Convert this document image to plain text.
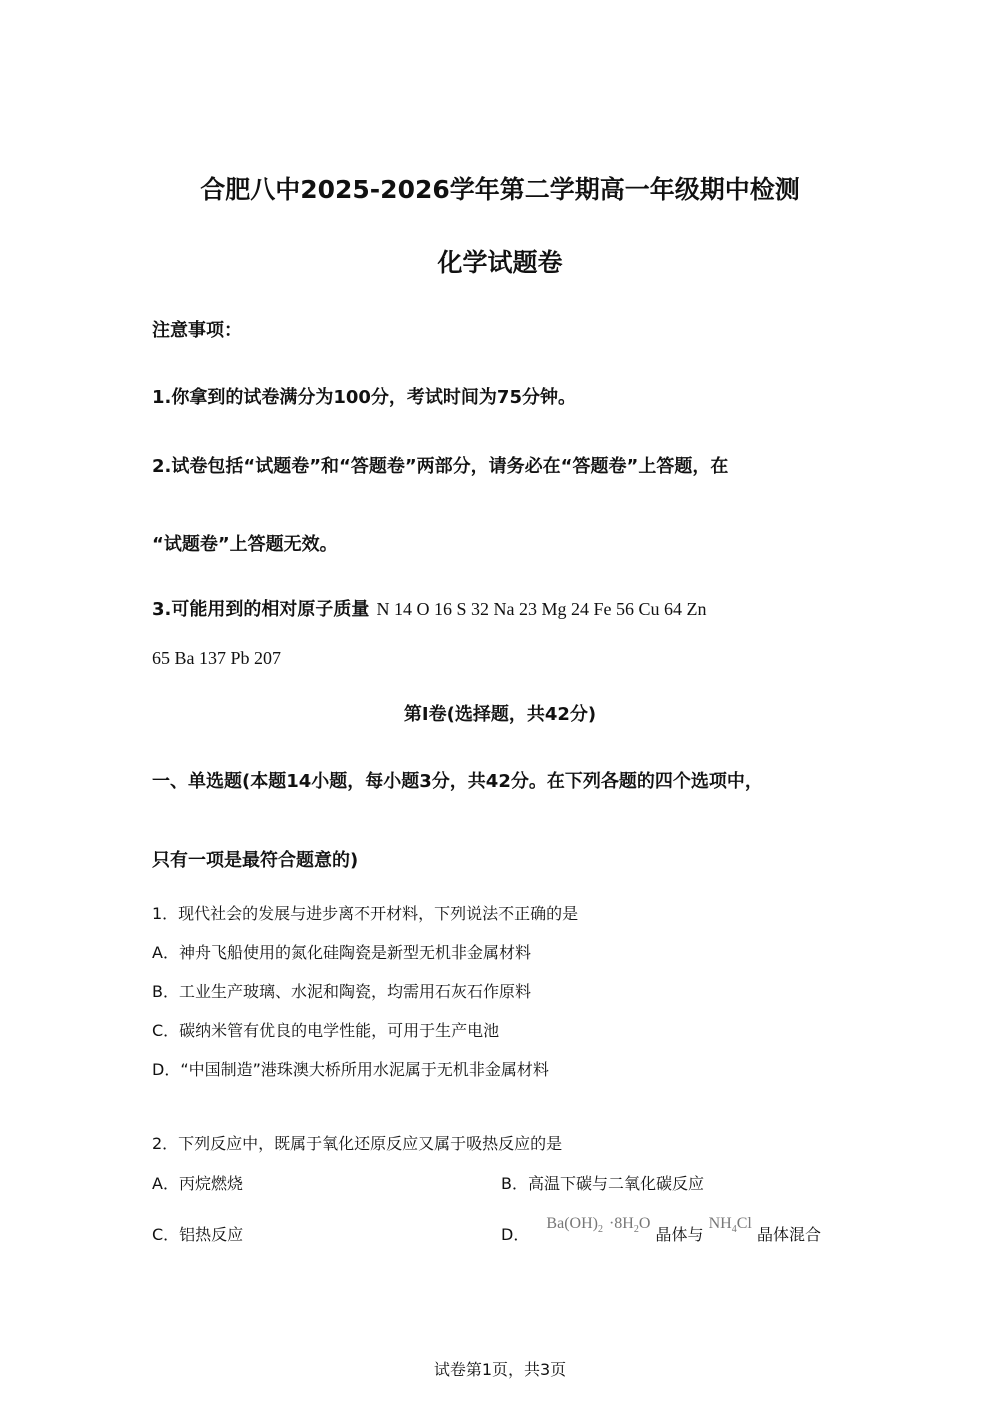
合肥八中2025-2026学年第二学期高一年级期中检测
化学试题卷
注意事项：
1.你拿到的试卷满分为100分，考试时间为75分钟。
2.试卷包括“试题卷”和“答题卷”两部分，请务必在“答题卷”上答题，在
“试题卷”上答题无效。
3.可能用到的相对原子质量 N 14 O 16 S 32 Na 23 Mg 24 Fe 56 Cu 64 Zn
65 Ba 137 Pb 207
第Ⅰ卷(选择题，共42分)
一、单选题(本题14小题，每小题3分，共42分。在下列各题的四个选项中，
只有一项是最符合题意的)
1．现代社会的发展与进步离不开材料，下列说法不正确的是
A．神舟飞船使用的氮化硅陶瓷是新型无机非金属材料
B．工业生产玻璃、水泥和陶瓷，均需用石灰石作原料
C．碳纳米管有优良的电学性能，可用于生产电池
D．“中国制造”港珠澳大桥所用水泥属于无机非金属材料
2．下列反应中，既属于氧化还原反应又属于吸热反应的是
A．丙烷燃烧	B．高温下碳与二氧化碳反应
C．铝热反应	D． $Ba(OH)_2 \cdot 8H_2O$ 晶体与 $NH_4Cl$ 晶体混合
试卷第1页，共3页
